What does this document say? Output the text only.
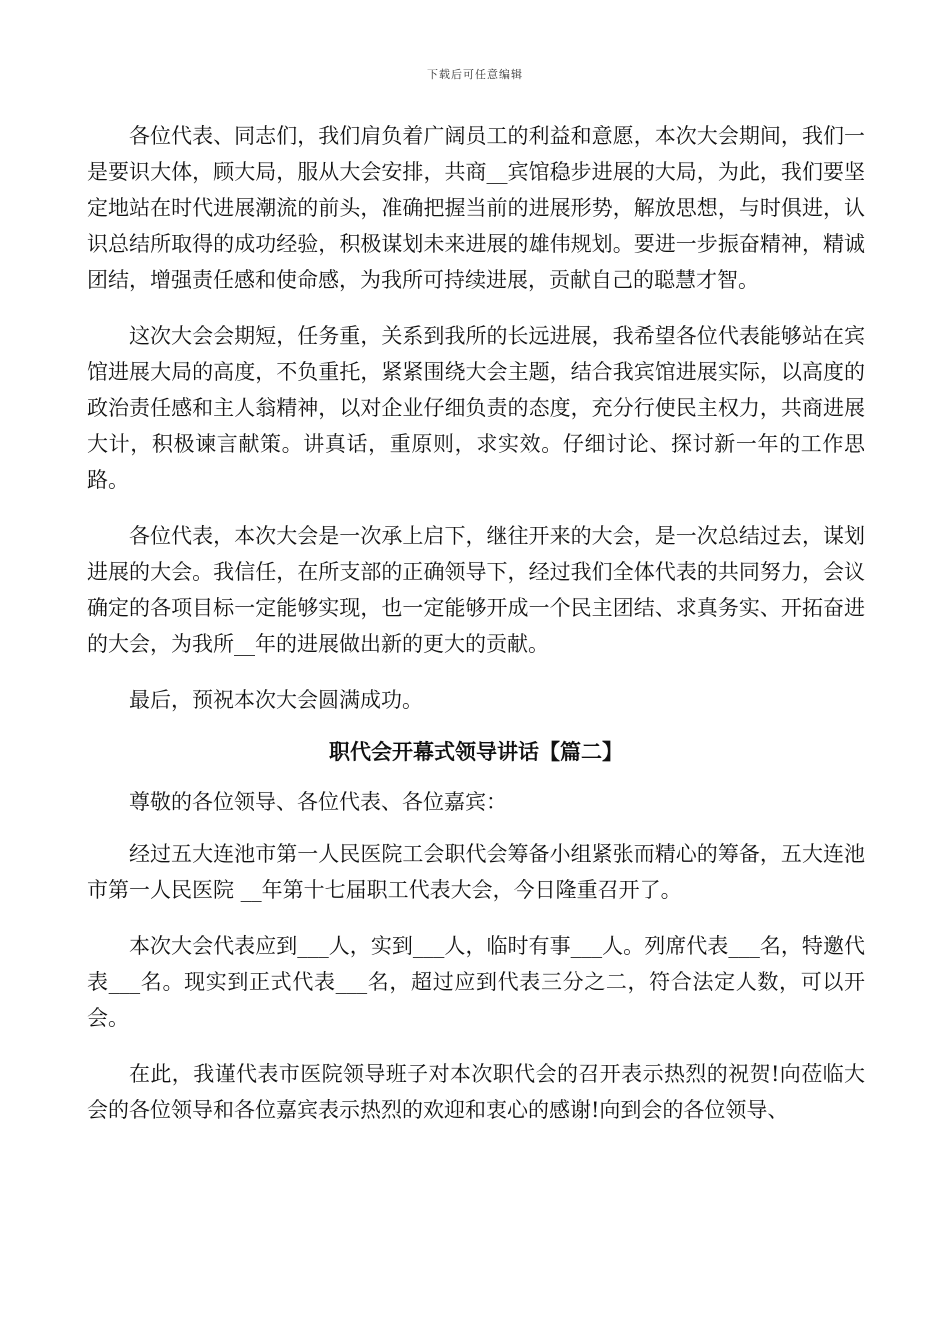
下载后可任意编辑

各位代表、同志们，我们肩负着广阔员工的利益和意愿，本次大会期间，我们一是要识大体，顾大局，服从大会安排，共商__宾馆稳步进展的大局，为此，我们要坚定地站在时代进展潮流的前头，准确把握当前的进展形势，解放思想，与时俱进，认识总结所取得的成功经验，积极谋划未来进展的雄伟规划。要进一步振奋精神，精诚团结，增强责任感和使命感，为我所可持续进展，贡献自己的聪慧才智。

这次大会会期短，任务重，关系到我所的长远进展，我希望各位代表能够站在宾馆进展大局的高度，不负重托，紧紧围绕大会主题，结合我宾馆进展实际，以高度的政治责任感和主人翁精神，以对企业仔细负责的态度，充分行使民主权力，共商进展大计，积极谏言献策。讲真话，重原则，求实效。仔细讨论、探讨新一年的工作思路。

各位代表，本次大会是一次承上启下，继往开来的大会，是一次总结过去，谋划进展的大会。我信任，在所支部的正确领导下，经过我们全体代表的共同努力，会议确定的各项目标一定能够实现，也一定能够开成一个民主团结、求真务实、开拓奋进的大会，为我所__年的进展做出新的更大的贡献。

最后，预祝本次大会圆满成功。

职代会开幕式领导讲话【篇二】

尊敬的各位领导、各位代表、各位嘉宾：

经过五大连池市第一人民医院工会职代会筹备小组紧张而精心的筹备，五大连池市第一人民医院 __年第十七届职工代表大会，今日隆重召开了。

本次大会代表应到___人，实到___人，临时有事___人。列席代表___名，特邀代表___名。现实到正式代表___名，超过应到代表三分之二，符合法定人数，可以开会。

在此，我谨代表市医院领导班子对本次职代会的召开表示热烈的祝贺!向莅临大会的各位领导和各位嘉宾表示热烈的欢迎和衷心的感谢!向到会的各位领导、
